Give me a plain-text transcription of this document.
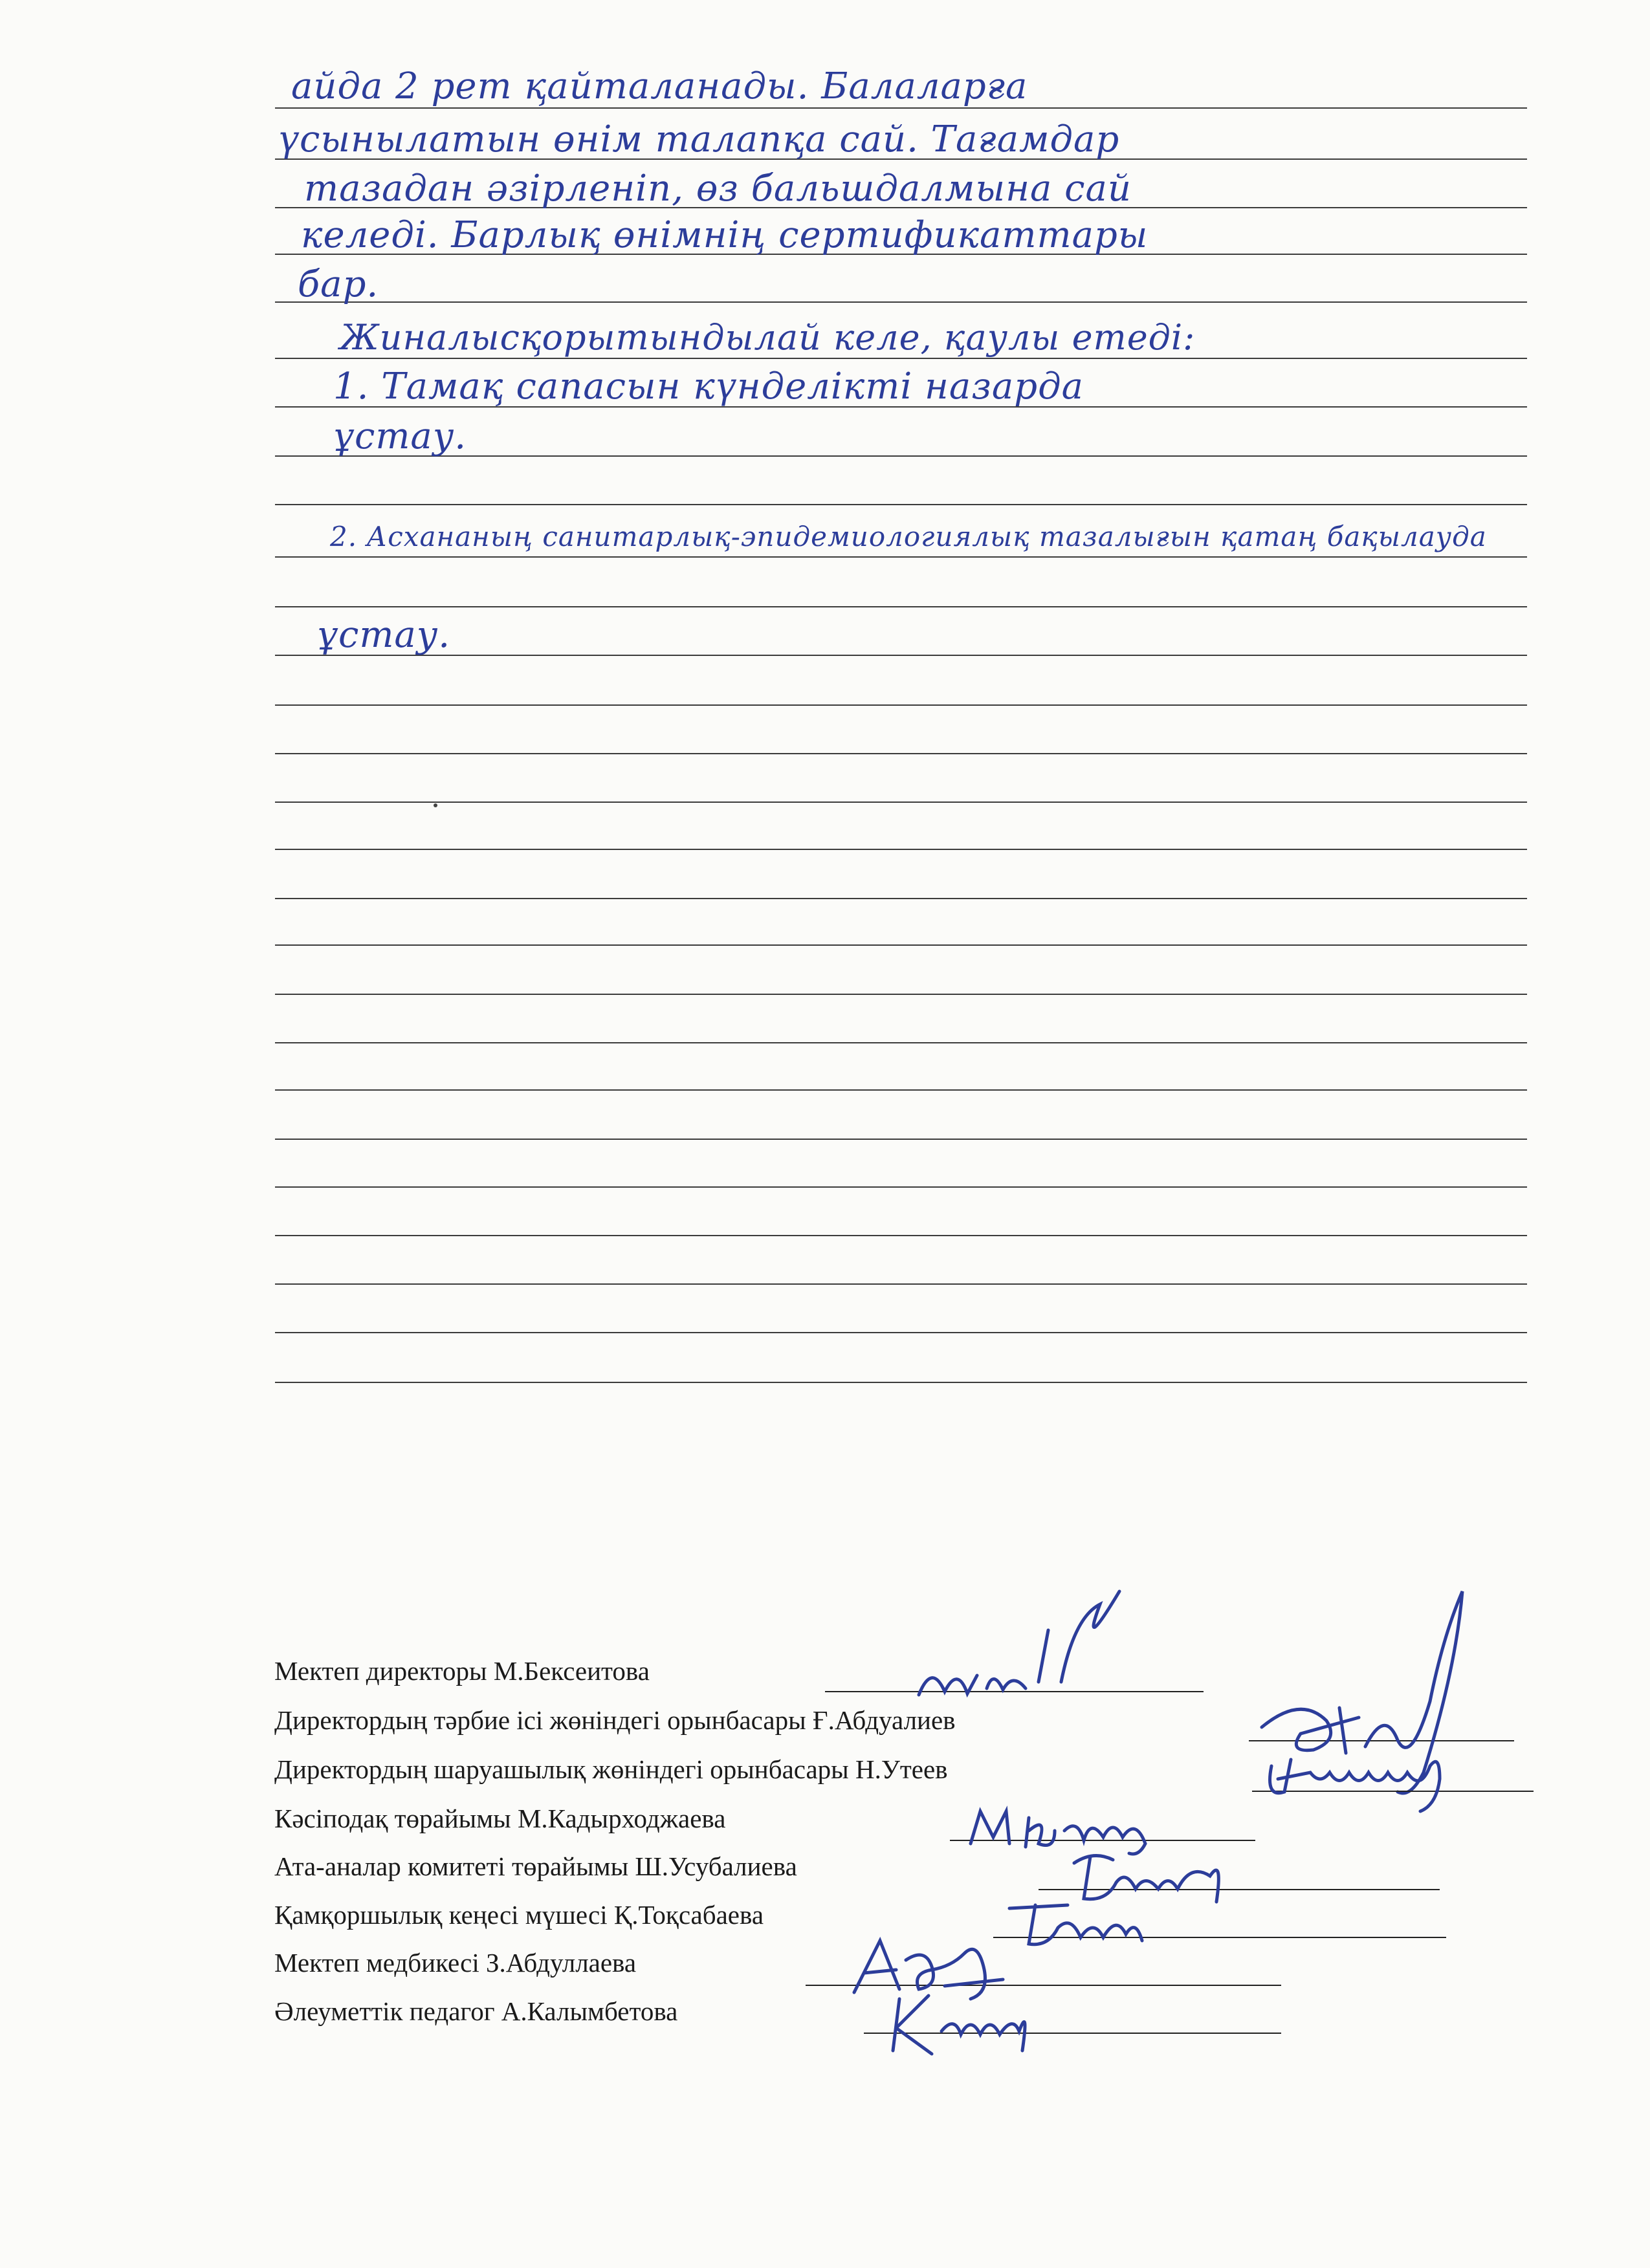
айда 2 рет қайталанады. Балаларға
үсынылатын өнім талапқа сай. Тағамдар
тазадан әзірленіп, өз бальшдалмына сай
келеді. Барлық өнімнің сертификаттары
бар.
Жиналысқорытындылай келе, қаулы етеді:
1. Тамақ сапасын күнделікті назарда
ұстау.
2. Асхананың санитарлық-эпидемиологиялық тазалығын қатаң бақылауда
ұстау.
Мектеп директоры М.Бексеитова
Директордың тәрбие ісі жөніндегі орынбасары Ғ.Абдуалиев
Директордың шаруашылық жөніндегі орынбасары Н.Утеев
Кәсіподақ төрайымы М.Кадырходжаева
Ата-аналар комитеті төрайымы Ш.Усубалиева
Қамқоршылық кеңесі мүшесі Қ.Тоқсабаева
Мектеп медбикесі З.Абдуллаева
Әлеуметтік педагог А.Калымбетова
